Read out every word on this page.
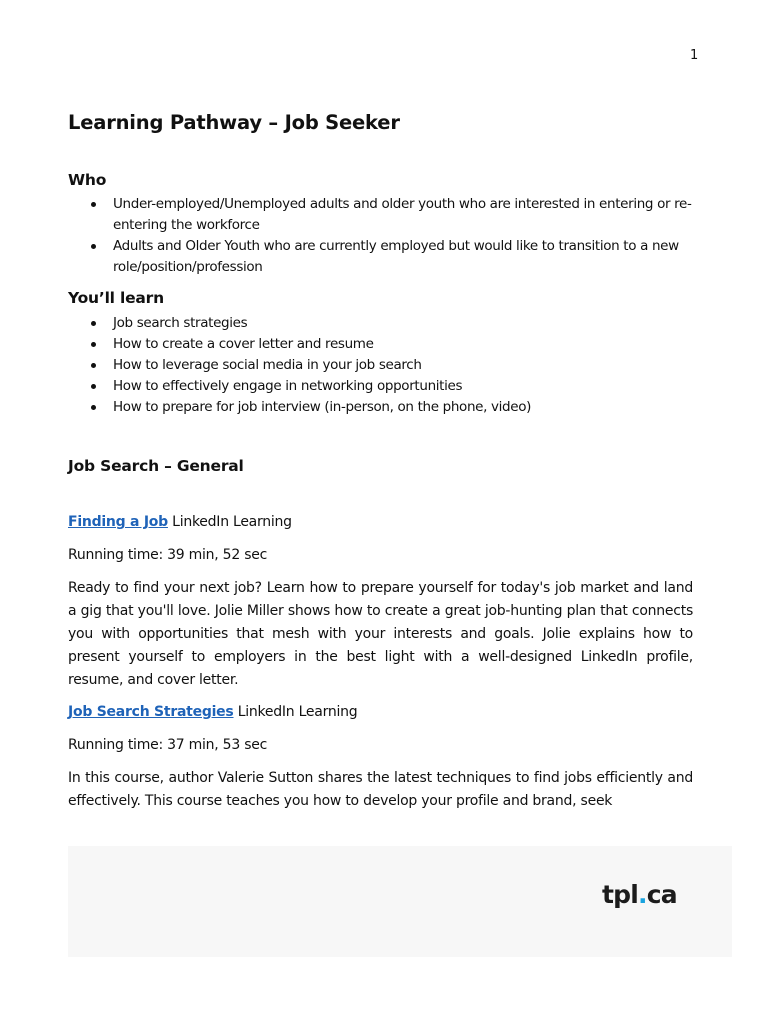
1
Learning Pathway – Job Seeker
Who
Under-employed/Unemployed adults and older youth who are interested in entering or re-entering the workforce
Adults and Older Youth who are currently employed but would like to transition to a new role/position/profession
You’ll learn
Job search strategies
How to create a cover letter and resume
How to leverage social media in your job search
How to effectively engage in networking opportunities
How to prepare for job interview (in-person, on the phone, video)
Job Search – General

Finding a Job LinkedIn Learning

Running time: 39 min, 52 sec

Ready to find your next job? Learn how to prepare yourself for today's job market and land a gig that you'll love. Jolie Miller shows how to create a great job-hunting plan that connects you with opportunities that mesh with your interests and goals. Jolie explains how to present yourself to employers in the best light with a well-designed LinkedIn profile, resume, and cover letter.

Job Search Strategies LinkedIn Learning

Running time: 37 min, 53 sec

In this course, author Valerie Sutton shares the latest techniques to find jobs efficiently and effectively. This course teaches you how to develop your profile and brand, seek

tpl.ca
